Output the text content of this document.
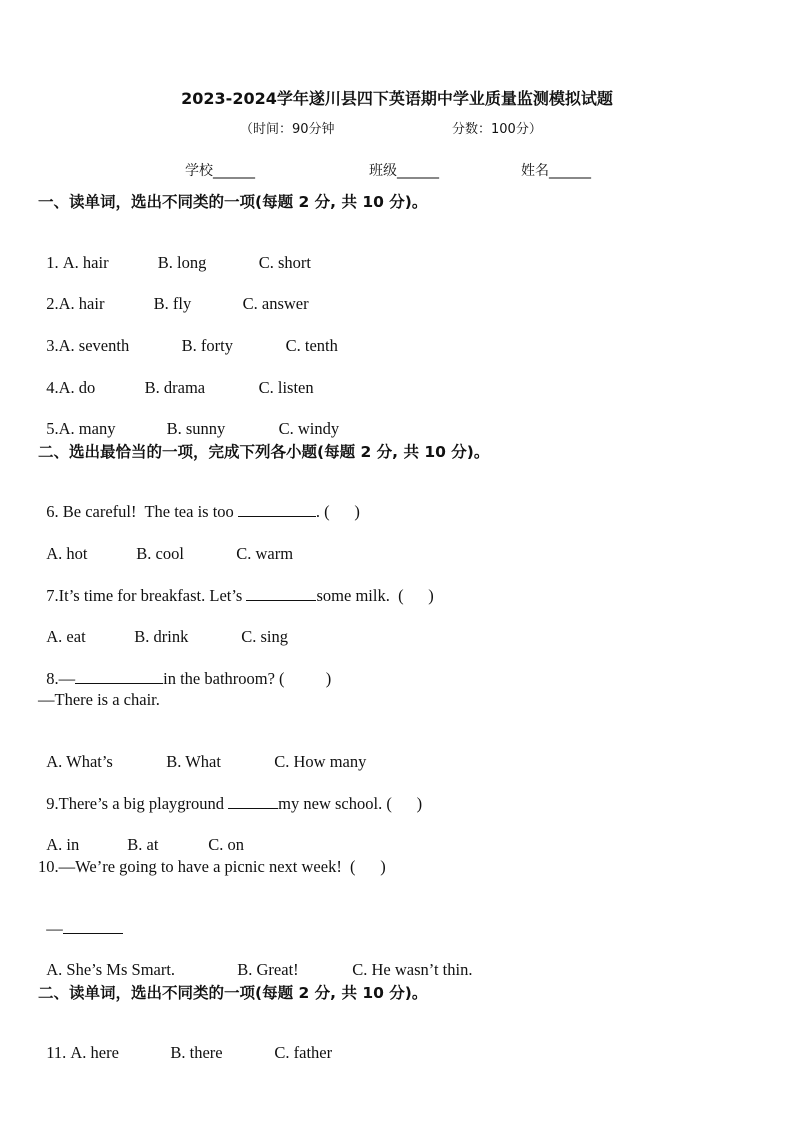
2023-2024学年遂川县四下英语期中学业质量监测模拟试题
（时间：90分钟	分数：100分）
学校______	班级______	姓名______
一、读单词，选出不同类的一项(每题 2 分, 共 10 分)。

1. A. hair	B. long	C. short

2.A. hair	B. fly	C. answer

3.A. seventh	B. forty	C. tenth

4.A. do	B. drama	C. listen

5.A. many	B. sunny	C. windy

二、选出最恰当的一项，完成下列各小题(每题 2 分, 共 10 分)。

6. Be careful!  The tea is too	. (      )

A. hot	B. cool	C. warm

7.It’s time for breakfast. Let’s	some milk.  (      )

A. eat	B. drink	C. sing

8.—	in the bathroom? (          )

—There is a chair.

A. What’s	B. What	C. How many

9.There’s a big playground	my new school. (      )

A. in	B. at	C. on

10.—We’re going to have a picnic next week!  (      )

—

A. She’s Ms Smart.	B. Great!	C. He wasn’t thin.

二、读单词，选出不同类的一项(每题 2 分, 共 10 分)。

11. A. here	B. there	C. father
